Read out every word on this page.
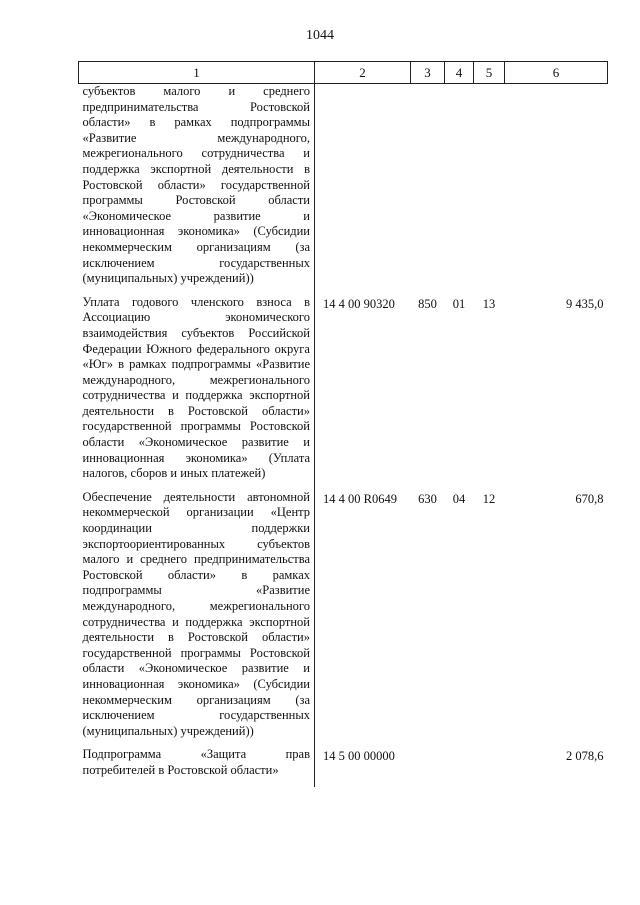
1044
1	2	3	4	5	6
субъектов малого и среднего предпринимательства Ростовской области» в рамках подпрограммы «Развитие международного, межрегионального сотрудничества и поддержка экспортной деятельности в Ростовской области» государственной программы Ростовской области «Экономическое развитие и инновационная экономика» (Субсидии некоммерческим организациям (за исключением государственных (муниципальных) учреждений))					
Уплата годового членского взноса в Ассоциацию экономического взаимодействия субъектов Российской Федерации Южного федерального округа «Юг» в рамках подпрограммы «Развитие международного, межрегионального сотрудничества и поддержка экспортной деятельности в Ростовской области» государственной программы Ростовской области «Экономическое развитие и инновационная экономика» (Уплата налогов, сборов и иных платежей)	14 4 00 90320	850	01	13	9 435,0
Обеспечение деятельности автономной некоммерческой организации «Центр координации поддержки экспортоориентированных субъектов малого и среднего предпринимательства Ростовской области» в рамках подпрограммы «Развитие международного, межрегионального сотрудничества и поддержка экспортной деятельности в Ростовской области» государственной программы Ростовской области «Экономическое развитие и инновационная экономика» (Субсидии некоммерческим организациям (за исключением государственных (муниципальных) учреждений))	14 4 00 R0649	630	04	12	670,8
Подпрограмма «Защита прав потребителей в Ростовской области»	14 5 00 00000				2 078,6
